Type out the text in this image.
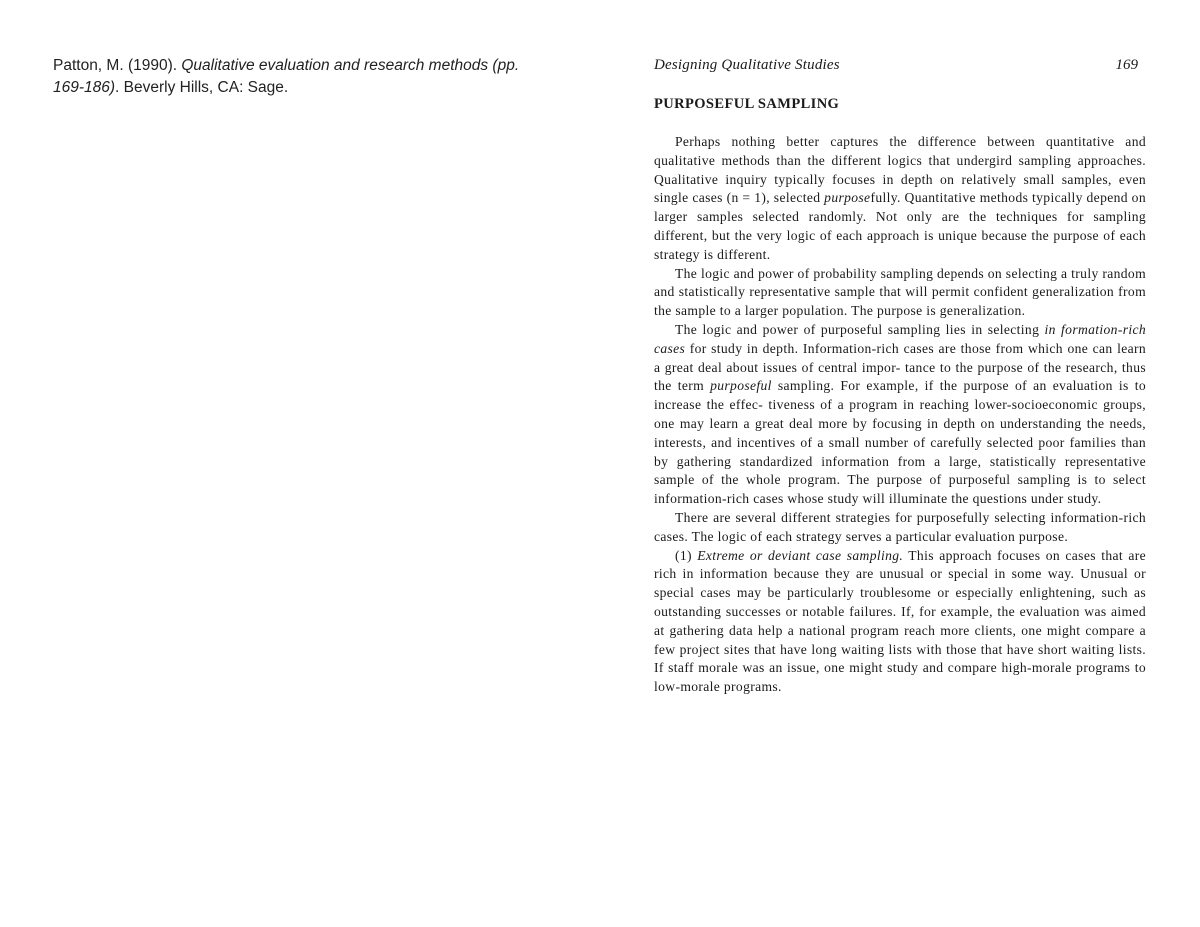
Patton, M. (1990). Qualitative evaluation and research methods (pp. 169-186). Beverly Hills, CA: Sage.
Designing Qualitative Studies	169
PURPOSEFUL SAMPLING

Perhaps nothing better captures the difference between quantitative and qualitative methods than the different logics that undergird sampling approaches. Qualitative inquiry typically focuses in depth on relatively small samples, even single cases (n = 1), selected purposefully. Quantitative methods typically depend on larger samples selected randomly. Not only are the techniques for sampling different, but the very logic of each approach is unique because the purpose of each strategy is different.

The logic and power of probability sampling depends on selecting a truly random and statistically representative sample that will permit confident generalization from the sample to a larger population. The purpose is generalization.

The logic and power of purposeful sampling lies in selecting in formation-rich cases for study in depth. Information-rich cases are those from which one can learn a great deal about issues of central impor- tance to the purpose of the research, thus the term purposeful sampling. For example, if the purpose of an evaluation is to increase the effec- tiveness of a program in reaching lower-socioeconomic groups, one may learn a great deal more by focusing in depth on understanding the needs, interests, and incentives of a small number of carefully selected poor families than by gathering standardized information from a large, statistically representative sample of the whole program. The purpose of purposeful sampling is to select information-rich cases whose study will illuminate the questions under study.

There are several different strategies for purposefully selecting information-rich cases. The logic of each strategy serves a particular evaluation purpose.

(1) Extreme or deviant case sampling. This approach focuses on cases that are rich in information because they are unusual or special in some way. Unusual or special cases may be particularly troublesome or especially enlightening, such as outstanding successes or notable failures. If, for example, the evaluation was aimed at gathering data help a national program reach more clients, one might compare a few project sites that have long waiting lists with those that have short waiting lists. If staff morale was an issue, one might study and compare high-morale programs to low-morale programs.
